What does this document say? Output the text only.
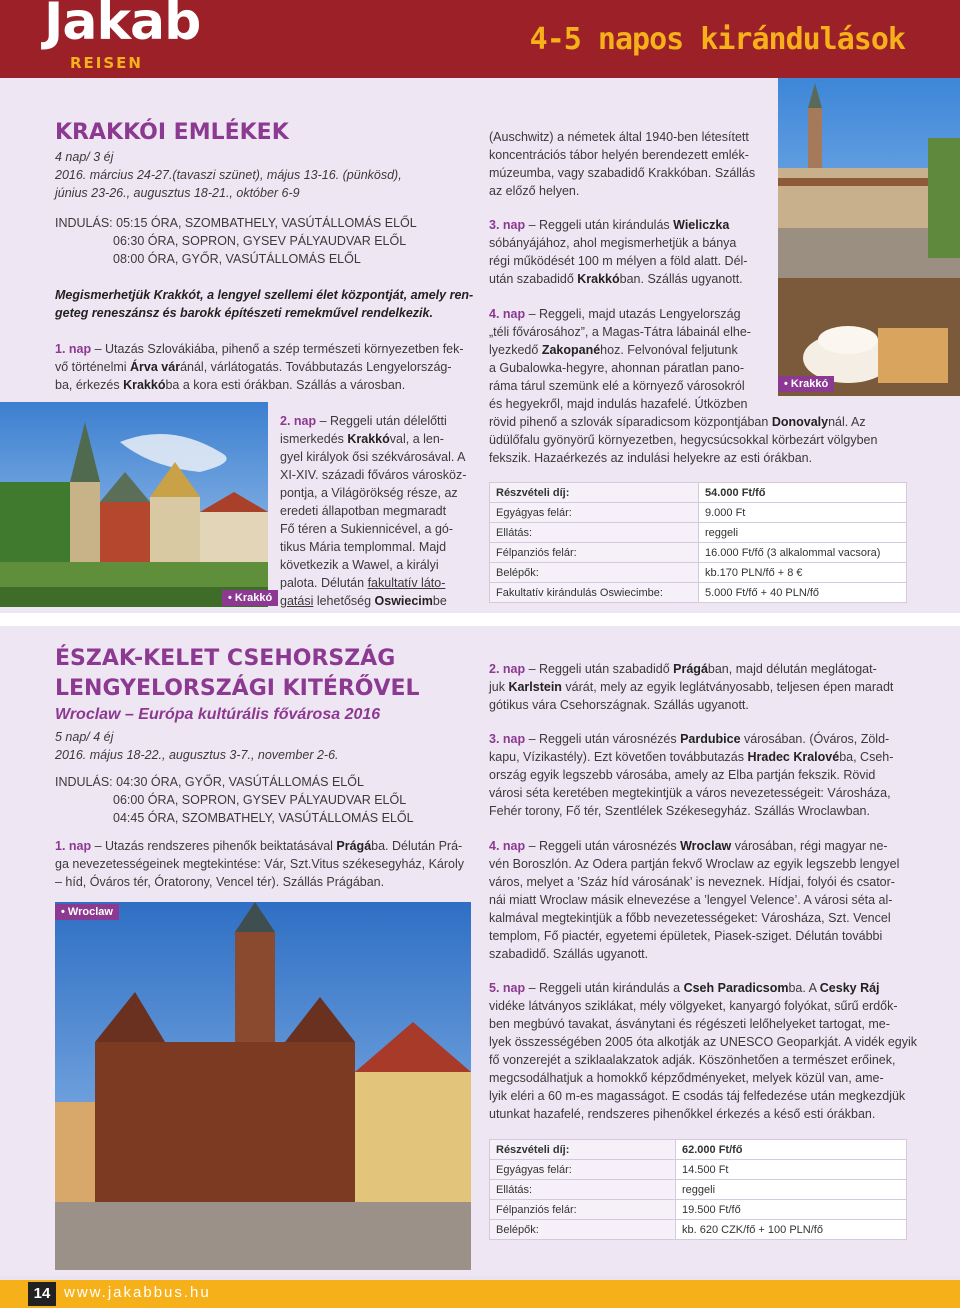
Jakab
REISEN
4-5 napos kirándulások
KRAKKÓI EMLÉKEK
4 nap/ 3 éj
2016. március 24-27.(tavaszi szünet), május 13-16. (pünkösd),
június 23-26., augusztus 18-21., október 6-9
INDULÁS: 05:15 ÓRA, SZOMBATHELY, VASÚTÁLLOMÁS ELŐL
06:30 ÓRA, SOPRON, GYSEV PÁLYAUDVAR ELŐL
08:00 ÓRA, GYŐR, VASÚTÁLLOMÁS ELŐL
Megismerhetjük Krakkót, a lengyel szellemi élet központját, amely ren-
geteg reneszánsz és barokk építészeti remekművel rendelkezik.
1. nap – Utazás Szlovákiába, pihenő a szép természeti környezetben fek-
vő történelmi Árva váránál, várlátogatás. Továbbutazás Lengyelország-
ba, érkezés Krakkóba a kora esti órákban. Szállás a városban.
• Krakkó
2. nap – Reggeli után délelőtti
ismerkedés Krakkóval, a len-
gyel királyok ősi székvárosával. A
XI-XIV. századi főváros városköz-
pontja, a Világörökség része, az
eredeti állapotban megmaradt
Fő téren a Sukiennicével, a gó-
tikus Mária templommal. Majd
következik a Wawel, a királyi
palota. Délután fakultatív láto-
gatási lehetőség Oswiecimbe
(Auschwitz) a németek által 1940-ben létesített
koncentrációs tábor helyén berendezett emlék-
múzeumba, vagy szabadidő Krakkóban. Szállás
az előző helyen.
3. nap – Reggeli után kirándulás Wieliczka
sóbányájához, ahol megismerhetjük a bánya
régi működését 100 m mélyen a föld alatt. Dél-
után szabadidő Krakkóban. Szállás ugyanott.
4. nap – Reggeli, majd utazás Lengyelország
„téli fővárosához”, a Magas-Tátra lábainál elhe-
lyezkedő Zakopanéhoz. Felvonóval feljutunk
a Gubalowka-hegyre, ahonnan páratlan pano-
ráma tárul szemünk elé a környező városokról
és hegyekről, majd indulás hazafelé. Útközben
rövid pihenő a szlovák síparadicsom központjában Donovalynál. Az
üdülőfalu gyönyörű környezetben, hegycsúcsokkal körbezárt völgyben
fekszik. Hazaérkezés az indulási helyekre az esti órákban.
• Krakkó
Részvételi díj:	54.000 Ft/fő
Egyágyas felár:	9.000 Ft
Ellátás:	reggeli
Félpanziós felár:	16.000 Ft/fő (3 alkalommal vacsora)
Belépők:	kb.170 PLN/fő + 8 €
Fakultatív kirándulás Oswiecimbe:	5.000 Ft/fő + 40 PLN/fő
ÉSZAK-KELET CSEHORSZÁG
LENGYELORSZÁGI KITÉRŐVEL
Wroclaw – Európa kultúrális fővárosa 2016
5 nap/ 4 éj
2016. május 18-22., augusztus 3-7., november 2-6.
INDULÁS: 04:30 ÓRA, GYŐR, VASÚTÁLLOMÁS ELŐL
06:00 ÓRA, SOPRON, GYSEV PÁLYAUDVAR ELŐL
04:45 ÓRA, SZOMBATHELY, VASÚTÁLLOMÁS ELŐL
1. nap – Utazás rendszeres pihenők beiktatásával Prágába. Délután Prá-
ga nevezetességeinek megtekintése: Vár, Szt.Vitus székesegyház, Károly
– híd, Óváros tér, Óratorony, Vencel tér). Szállás Prágában.
• Wroclaw
2. nap – Reggeli után szabadidő Prágában, majd délután meglátogat-
juk Karlstein várát, mely az egyik leglátványosabb, teljesen épen maradt
gótikus vára Csehországnak. Szállás ugyanott.
3. nap – Reggeli után városnézés Pardubice városában. (Óváros, Zöld-
kapu, Vízikastély). Ezt követően továbbutazás Hradec Kralovéba, Cseh-
ország egyik legszebb városába, amely az Elba partján fekszik. Rövid
városi séta keretében megtekintjük a város nevezetességeit: Városháza,
Fehér torony, Fő tér, Szentlélek Székesegyház. Szállás Wroclawban.
4. nap – Reggeli után városnézés Wroclaw városában, régi magyar ne-
vén Boroszlón. Az Odera partján fekvő Wroclaw az egyik legszebb lengyel
város, melyet a ’Száz híd városának’ is neveznek. Hídjai, folyói és csator-
nái miatt Wroclaw másik elnevezése a ’lengyel Velence’. A városi séta al-
kalmával megtekintjük a főbb nevezetességeket: Városháza, Szt. Vencel
templom, Fő piactér, egyetemi épületek, Piasek-sziget. Délután további
szabadidő. Szállás ugyanott.
5. nap – Reggeli után kirándulás a Cseh Paradicsomba. A Cesky Ráj
vidéke látványos sziklákat, mély völgyeket, kanyargó folyókat, sűrű erdők-
ben megbúvó tavakat, ásványtani és régészeti lelőhelyeket tartogat, me-
lyek összességében 2005 óta alkotják az UNESCO Geoparkját. A vidék egyik
fő vonzerejét a sziklaalakzatok adják. Köszönhetően a természet erőinek,
megcsodálhatjuk a homokkő képződményeket, melyek közül van, ame-
lyik eléri a 60 m-es magasságot. E csodás táj felfedezése után megkezdjük
utunkat hazafelé, rendszeres pihenőkkel érkezés a késő esti órákban.
Részvételi díj:	62.000 Ft/fő
Egyágyas felár:	14.500 Ft
Ellátás:	reggeli
Félpanziós felár:	19.500 Ft/fő
Belépők:	kb. 620 CZK/fő + 100 PLN/fő
14 www.jakabbus.hu
